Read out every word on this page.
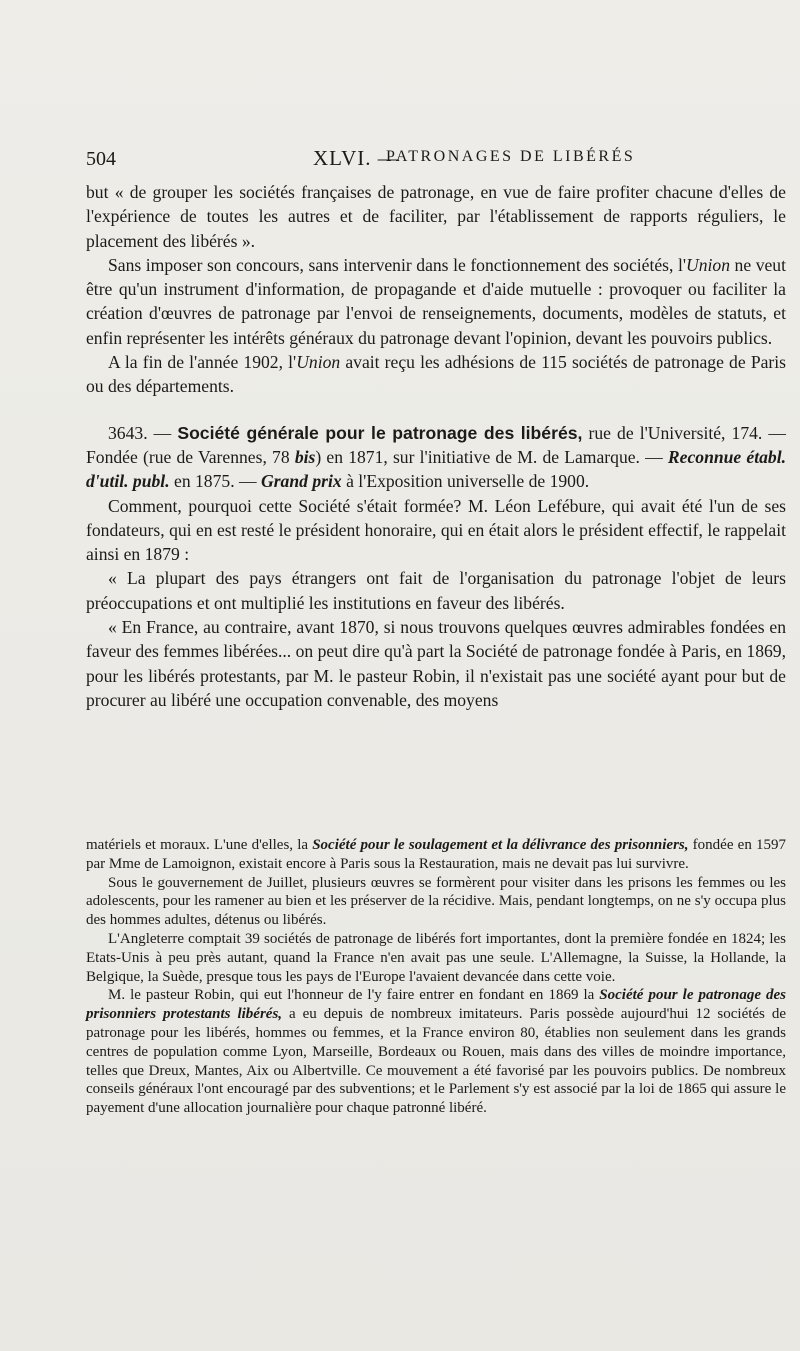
504	XLVI. —
PATRONAGES DE LIBÉRÉS

but « de grouper les sociétés françaises de patronage, en vue de faire profiter chacune d'elles de l'expérience de toutes les autres et de faciliter, par l'établissement de rapports réguliers, le placement des libérés ».

Sans imposer son concours, sans intervenir dans le fonctionnement des sociétés, l'Union ne veut être qu'un instrument d'information, de propagande et d'aide mutuelle : provoquer ou faciliter la création d'œuvres de patronage par l'envoi de renseignements, documents, modèles de statuts, et enfin représenter les intérêts généraux du patronage devant l'opinion, devant les pouvoirs publics.

A la fin de l'année 1902, l'Union avait reçu les adhésions de 115 sociétés de patronage de Paris ou des départements.

3643. — Société générale pour le patronage des libérés, rue de l'Université, 174. — Fondée (rue de Varennes, 78 bis) en 1871, sur l'initiative de M. de Lamarque. — Reconnue établ. d'util. publ. en 1875. — Grand prix à l'Exposition universelle de 1900.

Comment, pourquoi cette Société s'était formée? M. Léon Lefébure, qui avait été l'un de ses fondateurs, qui en est resté le président honoraire, qui en était alors le président effectif, le rappelait ainsi en 1879 :

« La plupart des pays étrangers ont fait de l'organisation du patronage l'objet de leurs préoccupations et ont multiplié les institutions en faveur des libérés.

« En France, au contraire, avant 1870, si nous trouvons quelques œuvres admirables fondées en faveur des femmes libérées... on peut dire qu'à part la Société de patronage fondée à Paris, en 1869, pour les libérés protestants, par M. le pasteur Robin, il n'existait pas une société ayant pour but de procurer au libéré une occupation convenable, des moyens

matériels et moraux. L'une d'elles, la Société pour le soulagement et la délivrance des prisonniers, fondée en 1597 par Mme de Lamoignon, existait encore à Paris sous la Restauration, mais ne devait pas lui survivre.

Sous le gouvernement de Juillet, plusieurs œuvres se formèrent pour visiter dans les prisons les femmes ou les adolescents, pour les ramener au bien et les préserver de la récidive. Mais, pendant longtemps, on ne s'y occupa plus des hommes adultes, détenus ou libérés.

L'Angleterre comptait 39 sociétés de patronage de libérés fort importantes, dont la première fondée en 1824; les Etats-Unis à peu près autant, quand la France n'en avait pas une seule. L'Allemagne, la Suisse, la Hollande, la Belgique, la Suède, presque tous les pays de l'Europe l'avaient devancée dans cette voie.

M. le pasteur Robin, qui eut l'honneur de l'y faire entrer en fondant en 1869 la Société pour le patronage des prisonniers protestants libérés, a eu depuis de nombreux imitateurs. Paris possède aujourd'hui 12 sociétés de patronage pour les libérés, hommes ou femmes, et la France environ 80, établies non seulement dans les grands centres de population comme Lyon, Marseille, Bordeaux ou Rouen, mais dans des villes de moindre importance, telles que Dreux, Mantes, Aix ou Albertville. Ce mouvement a été favorisé par les pouvoirs publics. De nombreux conseils généraux l'ont encouragé par des subventions; et le Parlement s'y est associé par la loi de 1865 qui assure le payement d'une allocation journalière pour chaque patronné libéré.
